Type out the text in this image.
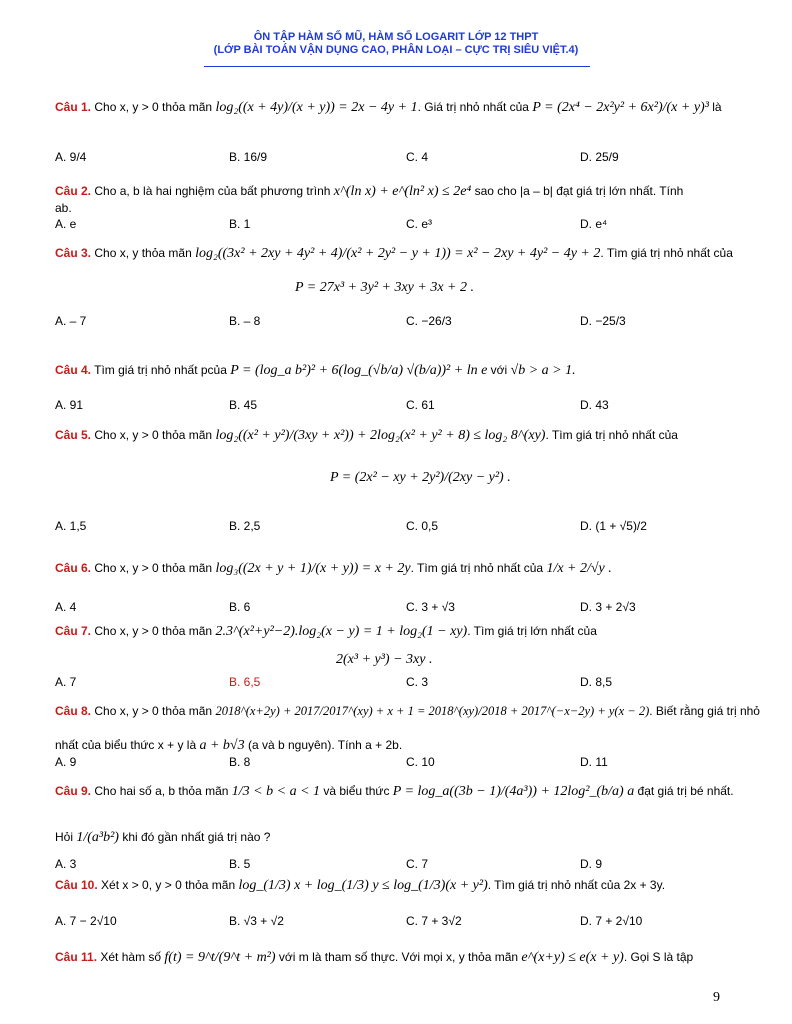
ÔN TẬP HÀM SỐ MŨ, HÀM SỐ LOGARIT LỚP 12 THPT
(LỚP BÀI TOÁN VẬN DỤNG CAO, PHÂN LOẠI – CỰC TRỊ SIÊU VIỆT.4)
Câu 1. Cho x, y > 0 thỏa mãn log₂((x + 4y)/(x + y)) = 2x − 4y + 1. Giá trị nhỏ nhất của P = (2x⁴ − 2x²y² + 6x²)/(x + y)³ là
A. 9/4	B. 16/9	C. 4	D. 25/9
Câu 2. Cho a, b là hai nghiệm của bất phương trình x^(ln x) + e^(ln² x) ≤ 2e⁴ sao cho |a – b| đạt giá trị lớn nhất. Tính
ab.
A. e	B. 1	C. e³	D. e⁴
Câu 3. Cho x, y thỏa mãn log₂((3x² + 2xy + 4y² + 4)/(x² + 2y² − y + 1)) = x² − 2xy + 4y² − 4y + 2. Tìm giá trị nhỏ nhất của
P = 27x³ + 3y² + 3xy + 3x + 2 .
A. – 7	B. – 8	C. −26/3	D. −25/3
Câu 4. Tìm giá trị nhỏ nhất pcủa P = (log_a b²)² + 6(log_(√b/a) √(b/a))² + ln e với √b > a > 1.
A. 91	B. 45	C. 61	D. 43
Câu 5. Cho x, y > 0 thỏa mãn log₂((x² + y²)/(3xy + x²)) + 2log₂(x² + y² + 8) ≤ log₂ 8^(xy). Tìm giá trị nhỏ nhất của
P = (2x² − xy + 2y²)/(2xy − y²) .
A. 1,5	B. 2,5	C. 0,5	D. (1 + √5)/2
Câu 6. Cho x, y > 0 thỏa mãn log₃((2x + y + 1)/(x + y)) = x + 2y. Tìm giá trị nhỏ nhất của 1/x + 2/√y .
A. 4	B. 6	C. 3 + √3	D. 3 + 2√3
Câu 7. Cho x, y > 0 thỏa mãn 2.3^(x²+y²−2).log₂(x − y) = 1 + log₂(1 − xy). Tìm giá trị lớn nhất của
2(x³ + y³) − 3xy .
A. 7	B. 6,5	C. 3	D. 8,5
Câu 8. Cho x, y > 0 thỏa mãn 2018^(x+2y) + 2017/2017^(xy) + x + 1 = 2018^(xy)/2018 + 2017^(−x−2y) + y(x − 2). Biết rằng giá trị nhỏ
nhất của biểu thức x + y là a + b√3 (a và b nguyên). Tính a + 2b.
A. 9	B. 8	C. 10	D. 11
Câu 9. Cho hai số a, b thỏa mãn 1/3 < b < a < 1 và biểu thức P = log_a((3b − 1)/(4a³)) + 12log²_(b/a) a đạt giá trị bé nhất.
Hỏi 1/(a³b²) khi đó gần nhất giá trị nào ?
A. 3	B. 5	C. 7	D. 9
Câu 10. Xét x > 0, y > 0 thỏa mãn log_(1/3) x + log_(1/3) y ≤ log_(1/3)(x + y²). Tìm giá trị nhỏ nhất của 2x + 3y.
A. 7 − 2√10	B. √3 + √2	C. 7 + 3√2	D. 7 + 2√10
Câu 11. Xét hàm số f(t) = 9^t/(9^t + m²) với m là tham số thực. Với mọi x, y thỏa mãn e^(x+y) ≤ e(x + y). Gọi S là tập
9
